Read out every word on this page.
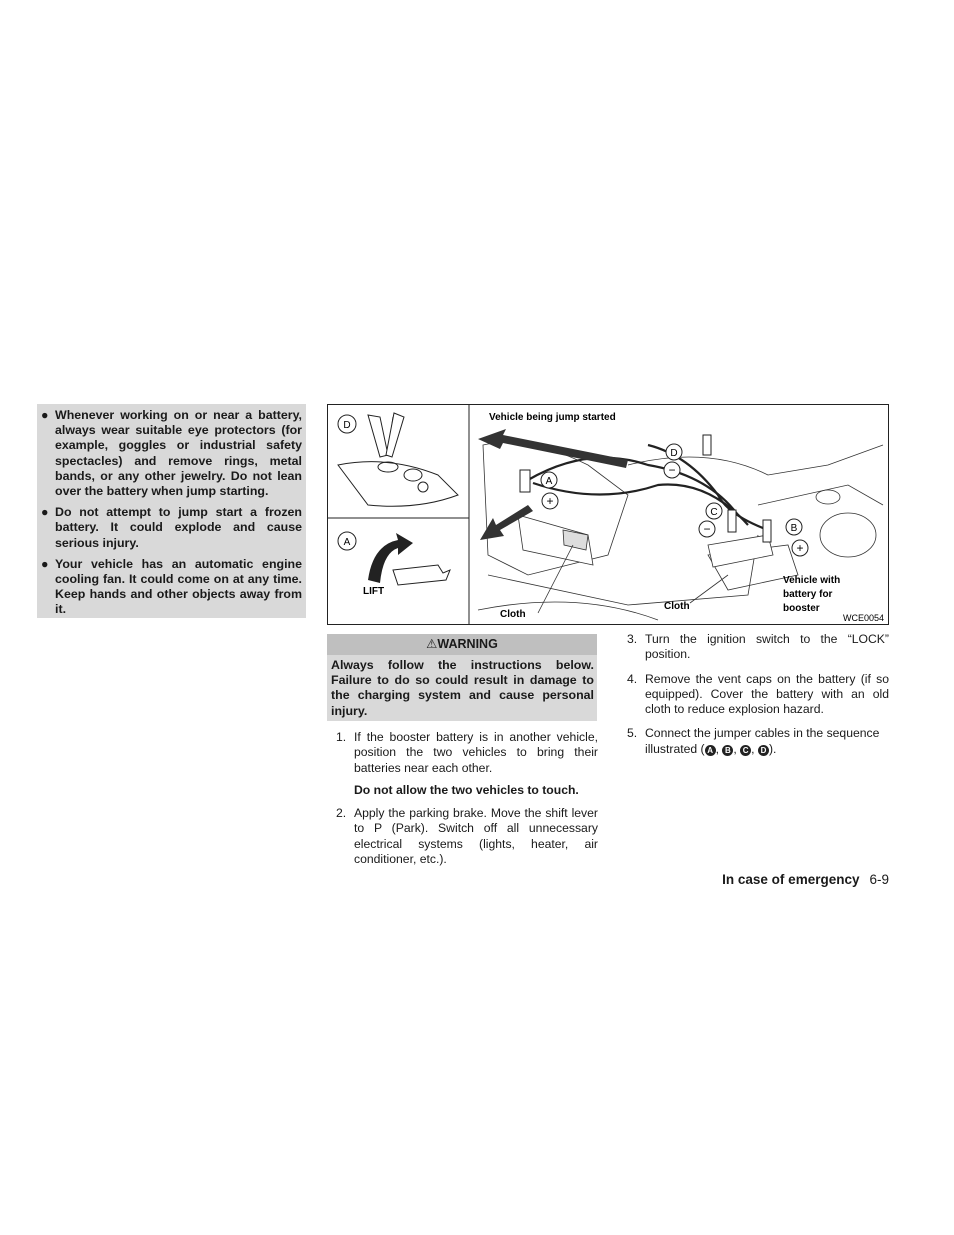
● Whenever working on or near a battery, always wear suitable eye protectors (for example, goggles or industrial safety spectacles) and remove rings, metal bands, or any other jewelry. Do not lean over the battery when jump starting.
● Do not attempt to jump start a frozen battery. It could explode and cause serious injury.
● Your vehicle has an automatic engine cooling fan. It could come on at any time. Keep hands and other objects away from it.
D
A
LIFT
Vehicle being jump started
A
+
D
−
C
−	B
+
Cloth
Cloth
Vehicle with
battery for
booster
WCE0054
⚠WARNING
Always follow the instructions below. Failure to do so could result in damage to the charging system and cause personal injury.
1. If the booster battery is in another vehicle, position the two vehicles to bring their batteries near each other.
Do not allow the two vehicles to touch.
2. Apply the parking brake. Move the shift lever to P (Park). Switch off all unnecessary electrical systems (lights, heater, air conditioner, etc.).
3. Turn the ignition switch to the “LOCK” position.
4. Remove the vent caps on the battery (if so equipped). Cover the battery with an old cloth to reduce explosion hazard.
5. Connect the jumper cables in the sequence illustrated ( A , B , C , D ).
In case of emergency 6-9
